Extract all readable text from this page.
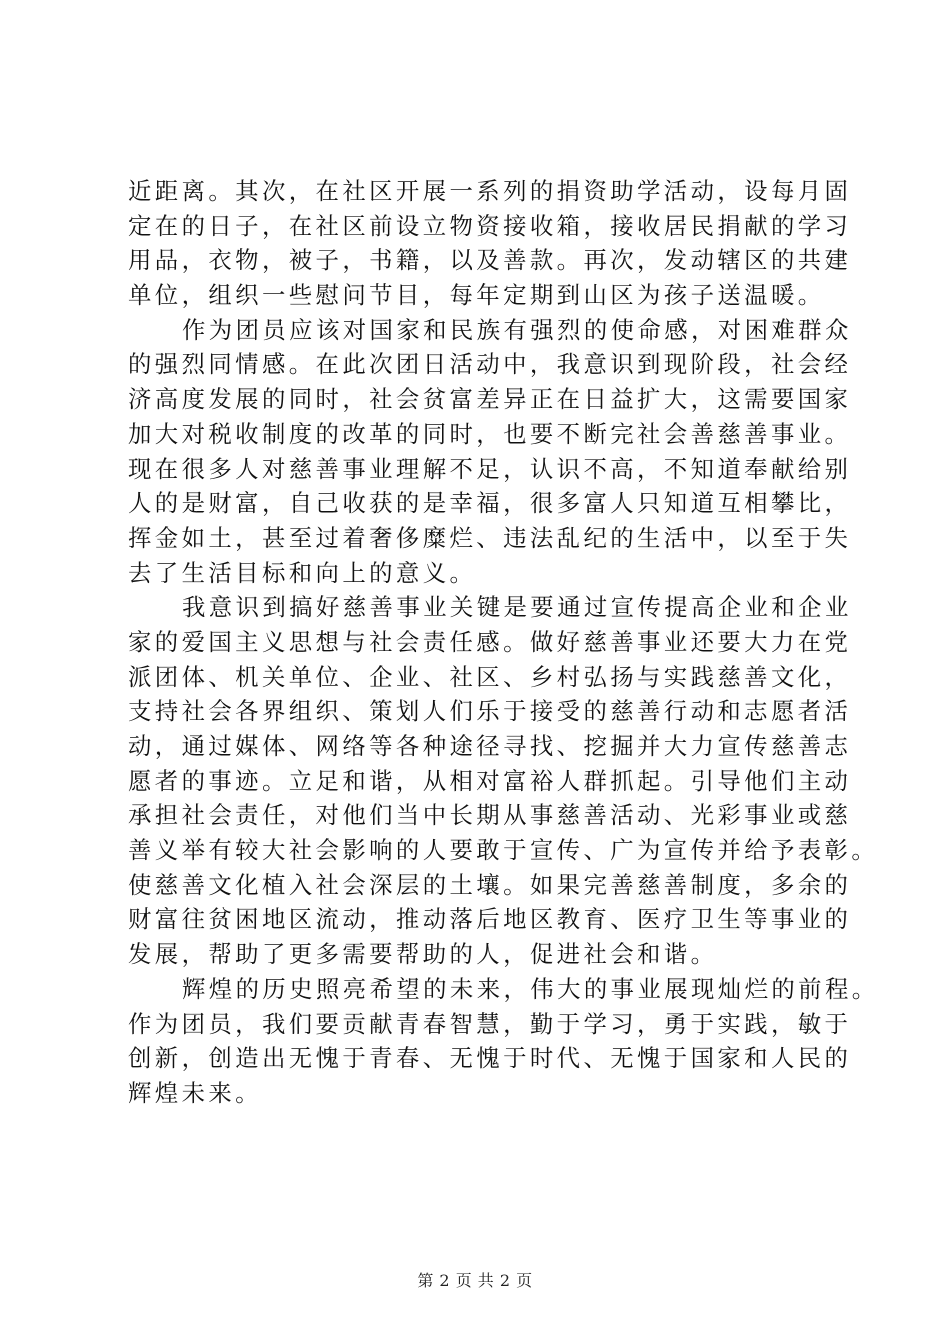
近距离。其次，在社区开展一系列的捐资助学活动，设每月固
定在的日子，在社区前设立物资接收箱，接收居民捐献的学习
用品，衣物，被子，书籍，以及善款。再次，发动辖区的共建
单位，组织一些慰问节目，每年定期到山区为孩子送温暖。
作为团员应该对国家和民族有强烈的使命感，对困难群众
的强烈同情感。在此次团日活动中，我意识到现阶段，社会经
济高度发展的同时，社会贫富差异正在日益扩大，这需要国家
加大对税收制度的改革的同时，也要不断完社会善慈善事业。
现在很多人对慈善事业理解不足，认识不高，不知道奉献给别
人的是财富，自己收获的是幸福，很多富人只知道互相攀比，
挥金如土，甚至过着奢侈糜烂、违法乱纪的生活中，以至于失
去了生活目标和向上的意义。
我意识到搞好慈善事业关键是要通过宣传提高企业和企业
家的爱国主义思想与社会责任感。做好慈善事业还要大力在党
派团体、机关单位、企业、社区、乡村弘扬与实践慈善文化，
支持社会各界组织、策划人们乐于接受的慈善行动和志愿者活
动，通过媒体、网络等各种途径寻找、挖掘并大力宣传慈善志
愿者的事迹。立足和谐，从相对富裕人群抓起。引导他们主动
承担社会责任，对他们当中长期从事慈善活动、光彩事业或慈
善义举有较大社会影响的人要敢于宣传、广为宣传并给予表彰。
使慈善文化植入社会深层的土壤。如果完善慈善制度，多余的
财富往贫困地区流动，推动落后地区教育、医疗卫生等事业的
发展，帮助了更多需要帮助的人，促进社会和谐。
辉煌的历史照亮希望的未来，伟大的事业展现灿烂的前程。
作为团员，我们要贡献青春智慧，勤于学习，勇于实践，敏于
创新，创造出无愧于青春、无愧于时代、无愧于国家和人民的
辉煌未来。
第 2 页 共 2 页
